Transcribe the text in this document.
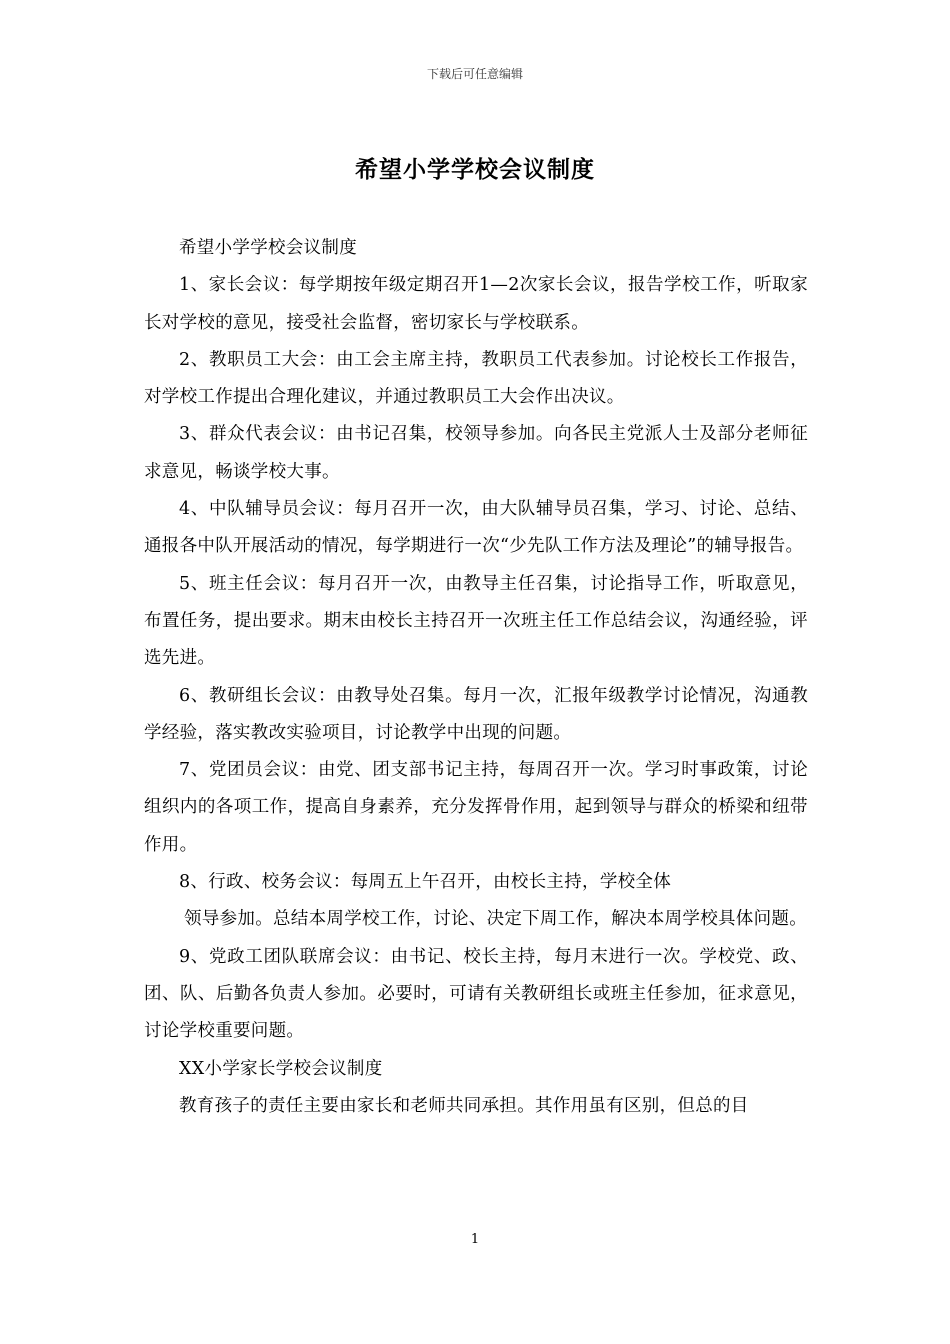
下载后可任意编辑
希望小学学校会议制度

希望小学学校会议制度

1、家长会议：每学期按年级定期召开1—2次家长会议，报告学校工作，听取家长对学校的意见，接受社会监督，密切家长与学校联系。

2、教职员工大会：由工会主席主持，教职员工代表参加。讨论校长工作报告，对学校工作提出合理化建议，并通过教职员工大会作出决议。

3、群众代表会议：由书记召集，校领导参加。向各民主党派人士及部分老师征求意见，畅谈学校大事。

4、中队辅导员会议：每月召开一次，由大队辅导员召集，学习、讨论、总结、通报各中队开展活动的情况，每学期进行一次“少先队工作方法及理论”的辅导报告。

5、班主任会议：每月召开一次，由教导主任召集，讨论指导工作，听取意见，布置任务，提出要求。期末由校长主持召开一次班主任工作总结会议，沟通经验，评选先进。

6、教研组长会议：由教导处召集。每月一次，汇报年级教学讨论情况，沟通教学经验，落实教改实验项目，讨论教学中出现的问题。

7、党团员会议：由党、团支部书记主持，每周召开一次。学习时事政策，讨论组织内的各项工作，提高自身素养，充分发挥骨作用，起到领导与群众的桥梁和纽带作用。

8、行政、校务会议：每周五上午召开，由校长主持，学校全体

领导参加。总结本周学校工作，讨论、决定下周工作，解决本周学校具体问题。

9、党政工团队联席会议：由书记、校长主持，每月末进行一次。学校党、政、团、队、后勤各负责人参加。必要时，可请有关教研组长或班主任参加，征求意见，讨论学校重要问题。

XX小学家长学校会议制度

教育孩子的责任主要由家长和老师共同承担。其作用虽有区别，但总的目

1
